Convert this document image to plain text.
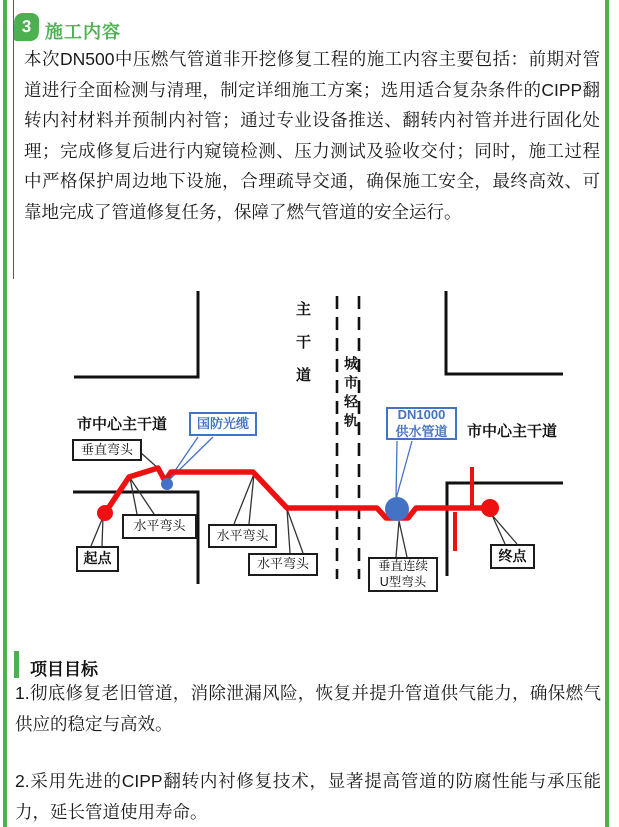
3 施工内容

本次DN500中压燃气管道非开挖修复工程的施工内容主要包括：前期对管道进行全面检测与清理，制定详细施工方案；选用适合复杂条件的CIPP翻转内衬材料并预制内衬管；通过专业设备推送、翻转内衬管并进行固化处理；完成修复后进行内窥镜检测、压力测试及验收交付；同时，施工过程中严格保护周边地下设施，合理疏导交通，确保施工安全，最终高效、可靠地完成了管道修复任务，保障了燃气管道的安全运行。

主干道 城市轻轨
市中心主干道	市中心主干道
国防光缆
DN1000
供水管道
垂直弯头
水平弯头
水平弯头
水平弯头
起点	终点
垂直连续
U型弯头
项目目标

1.彻底修复老旧管道，消除泄漏风险，恢复并提升管道供气能力，确保燃气供应的稳定与高效。

2.采用先进的CIPP翻转内衬修复技术，显著提高管道的防腐性能与承压能力，延长管道使用寿命。
